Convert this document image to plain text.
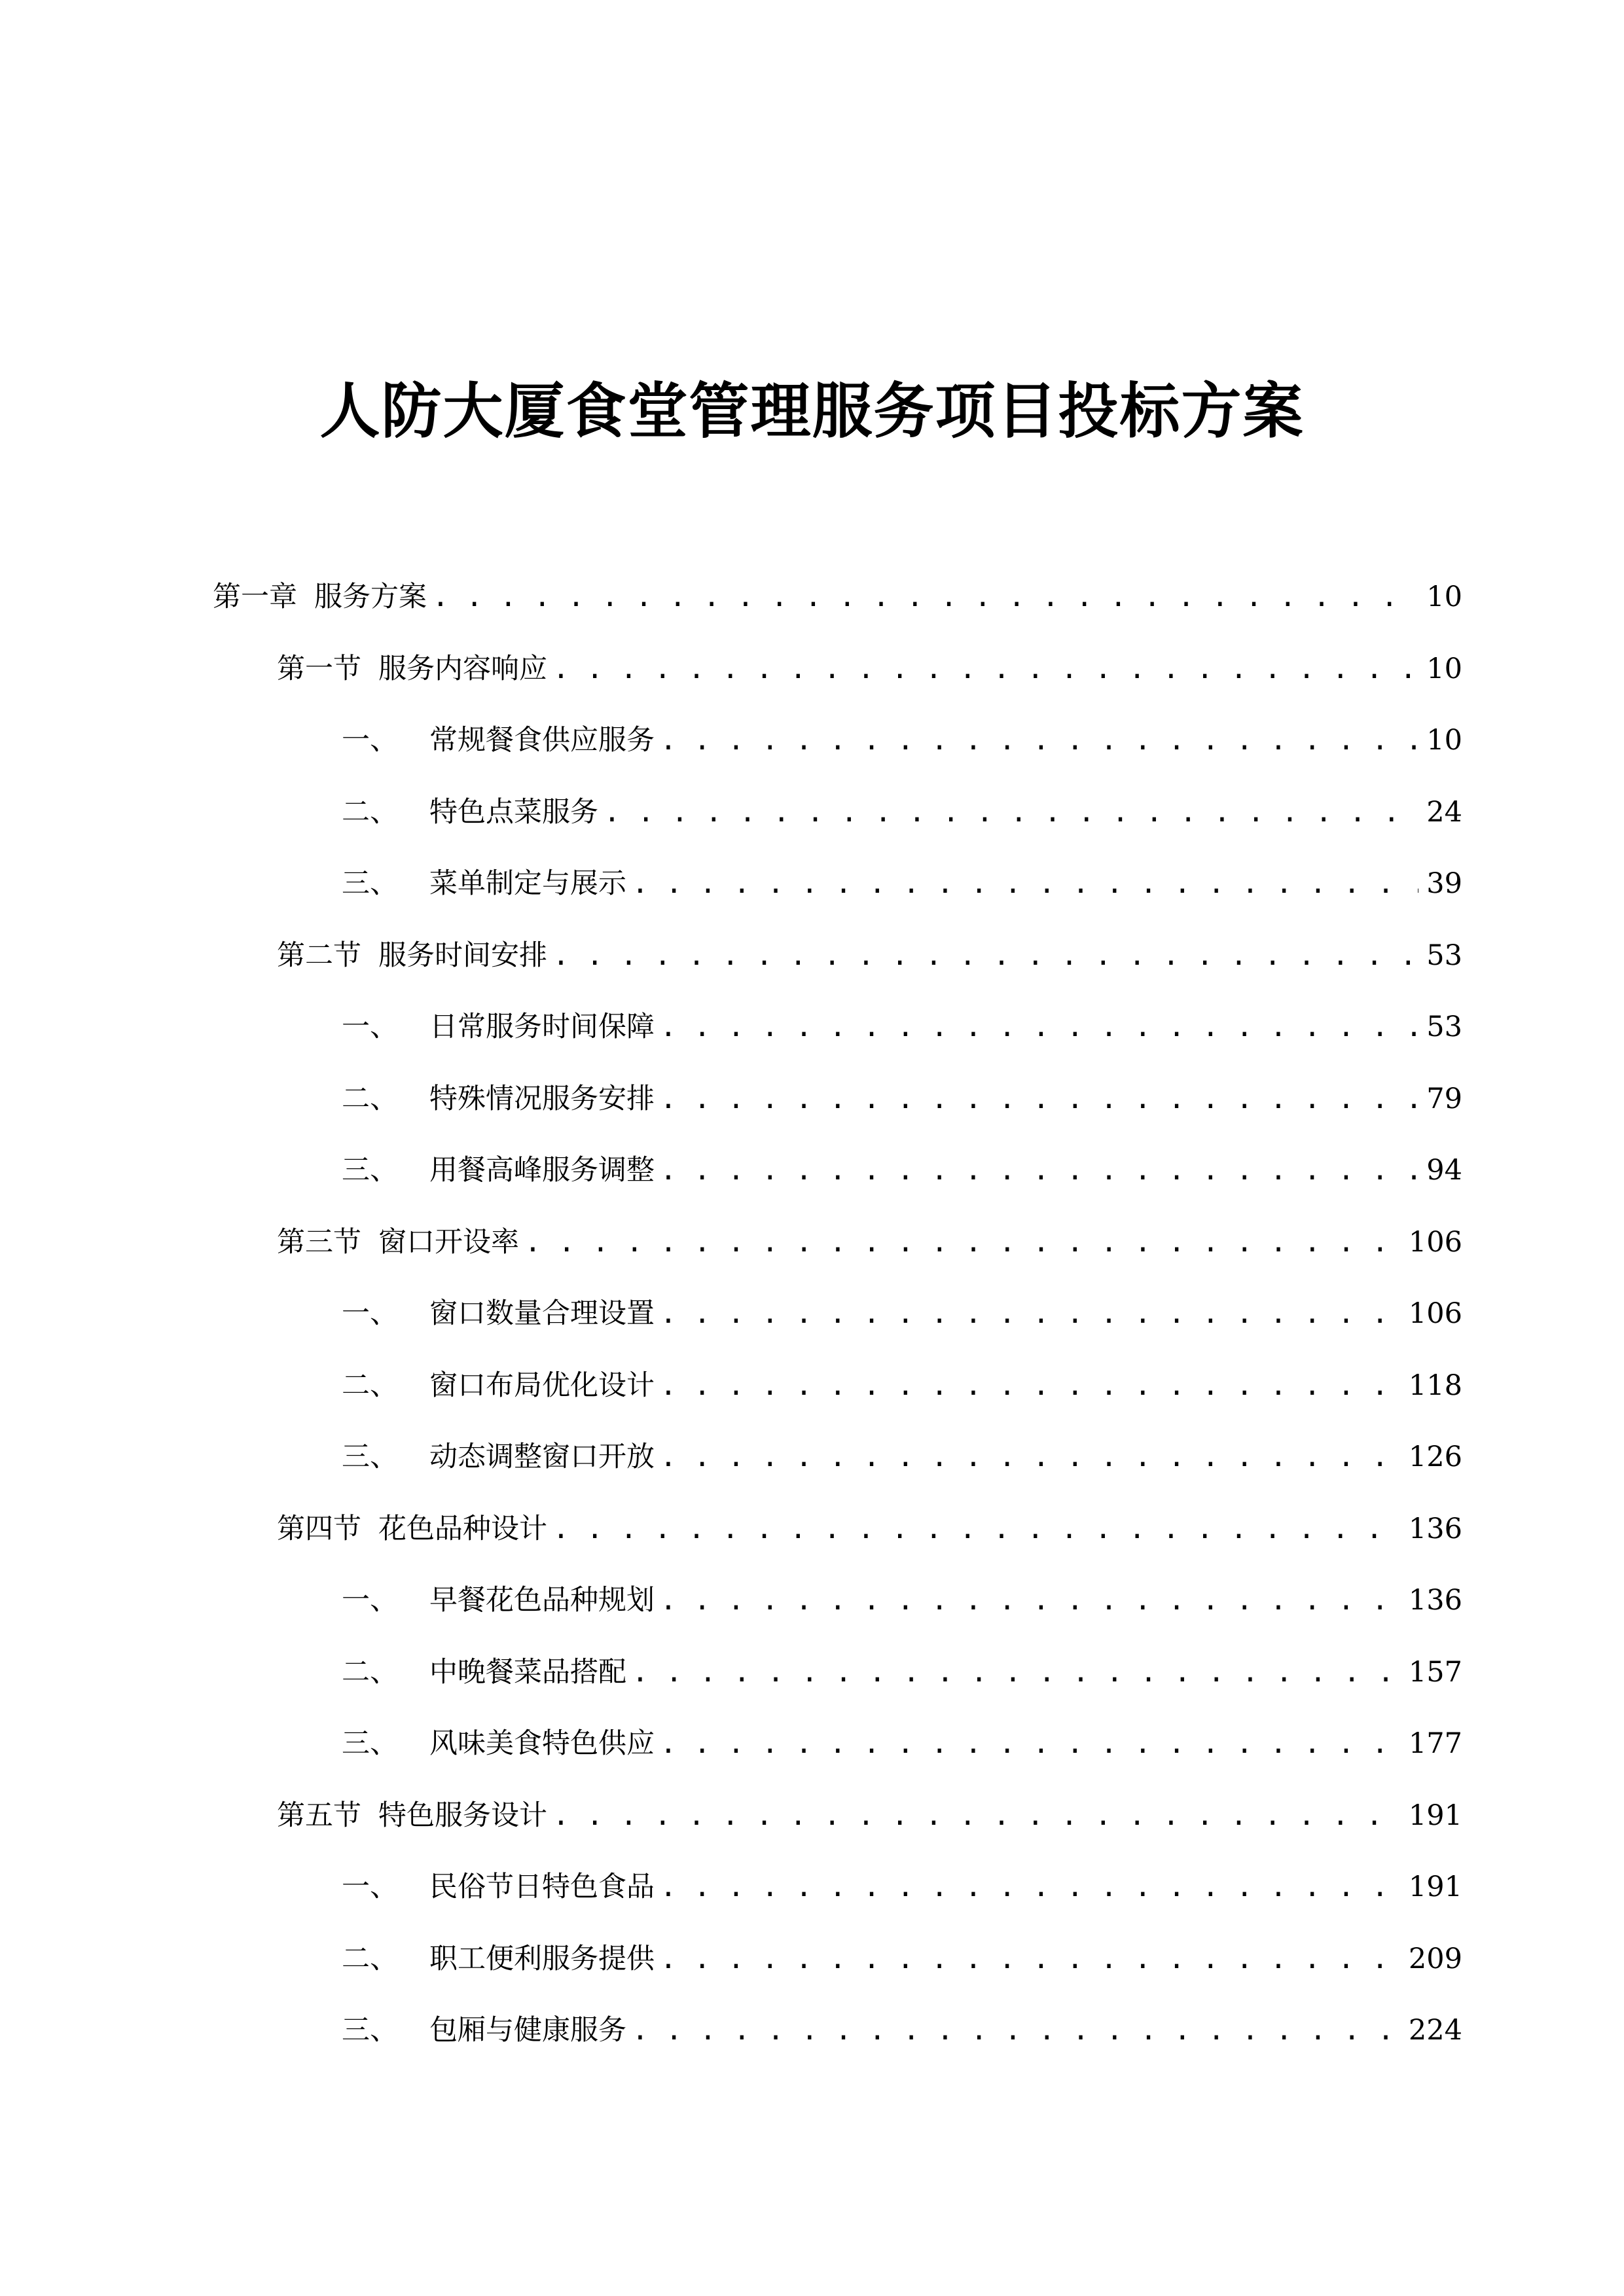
人防大厦食堂管理服务项目投标方案
第一章 服务方案 . . .	10
第一节 服务内容响应 . . .	10
一、 常规餐食供应服务 . . .	10
二、 特色点菜服务 . . .	24
三、 菜单制定与展示 . . .	39
第二节 服务时间安排 . . .	53
一、 日常服务时间保障 . . .	53
二、 特殊情况服务安排 . . .	79
三、 用餐高峰服务调整 . . .	94
第三节 窗口开设率 . . .	106
一、 窗口数量合理设置 . . .	106
二、 窗口布局优化设计 . . .	118
三、 动态调整窗口开放 . . .	126
第四节 花色品种设计 . . .	136
一、 早餐花色品种规划 . . .	136
二、 中晚餐菜品搭配 . . .	157
三、 风味美食特色供应 . . .	177
第五节 特色服务设计 . . .	191
一、 民俗节日特色食品 . . .	191
二、 职工便利服务提供 . . .	209
三、 包厢与健康服务 . . .	224
